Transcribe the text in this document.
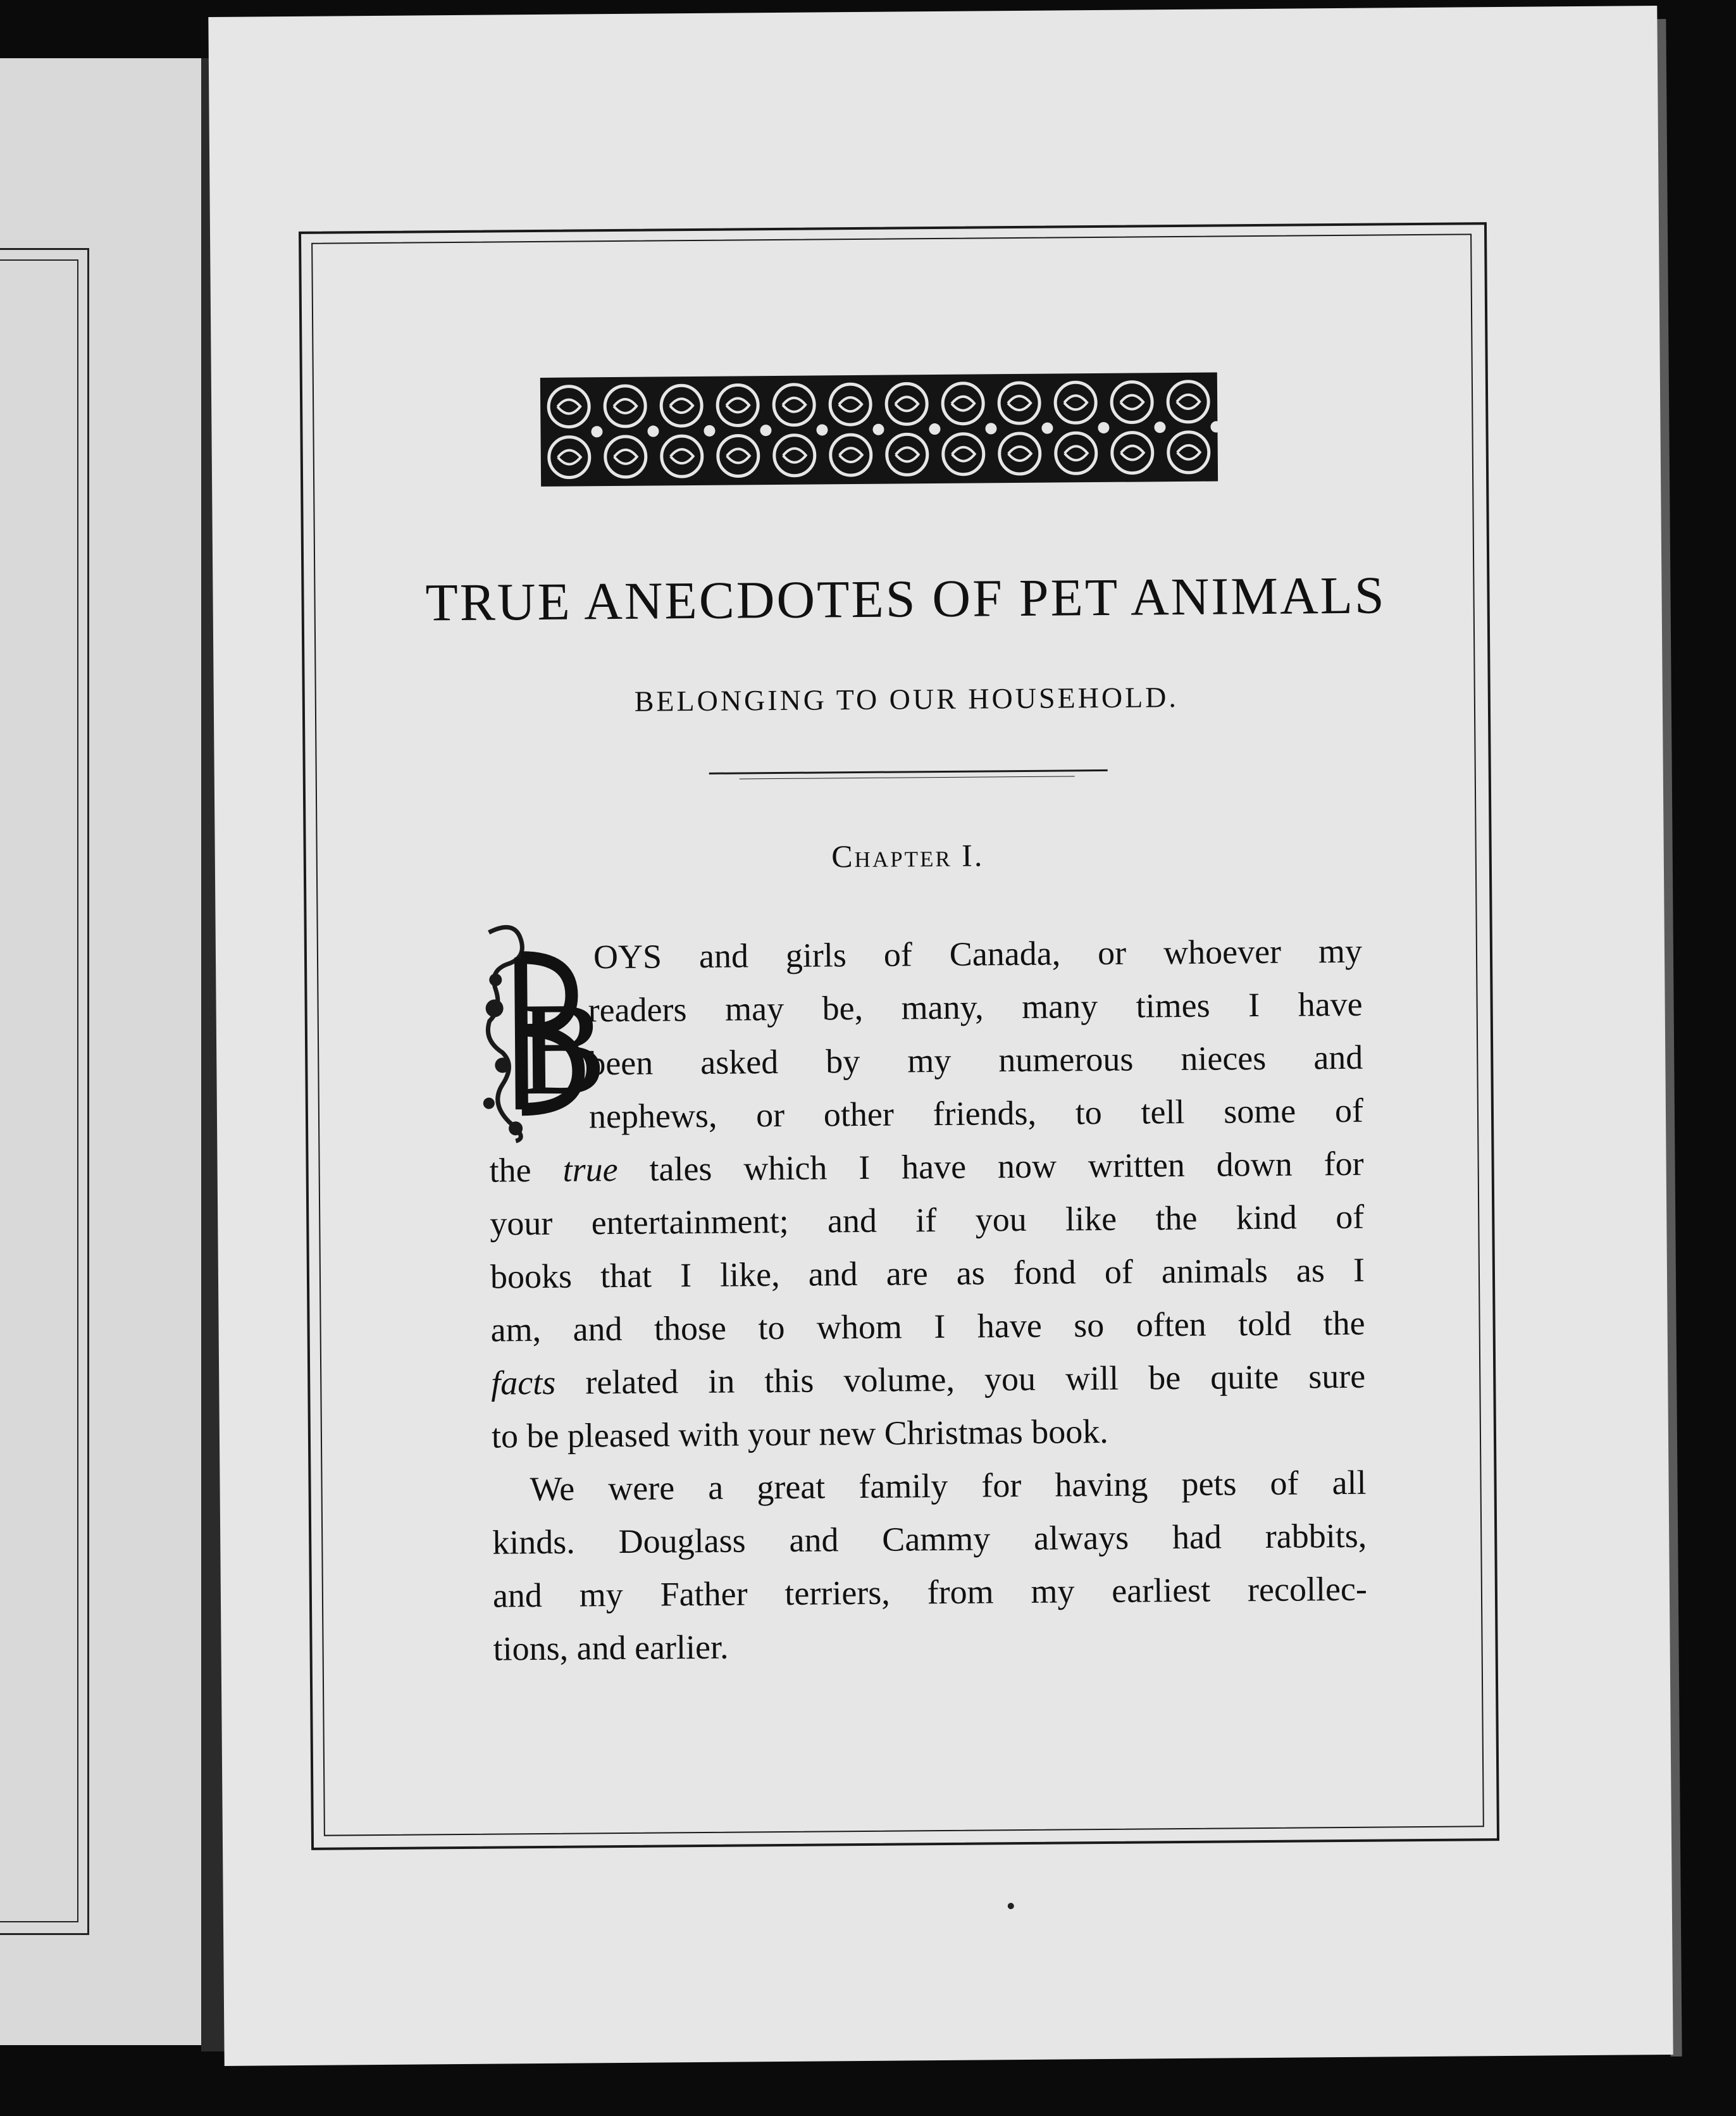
TRUE ANECDOTES OF PET ANIMALS
BELONGING TO OUR HOUSEHOLD.
Chapter I.
B
OYS and girls of Canada, or whoever my
readers may be, many, many times I have
been asked by my numerous nieces and
nephews, or other friends, to tell some of
the true tales which I have now written down for
your entertainment; and if you like the kind of
books that I like, and are as fond of animals as I
am, and those to whom I have so often told the
facts related in this volume, you will be quite sure
to be pleased with your new Christmas book.
We were a great family for having pets of all
kinds. Douglass and Cammy always had rabbits,
and my Father terriers, from my earliest recollec-
tions, and earlier.
